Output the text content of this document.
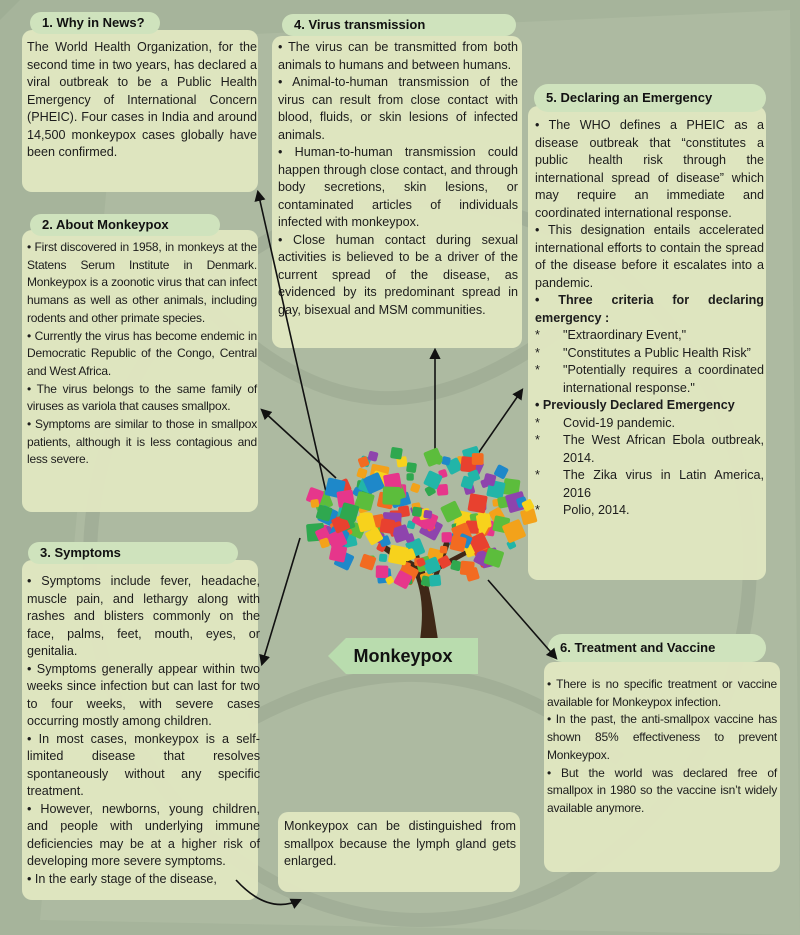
1. Why in News?

The World Health Organization, for the second time in two years, has declared a viral outbreak to be a Public Health Emergency of International Concern (PHEIC). Four cases in India and around 14,500 monkeypox cases globally have been confirmed.

2. About Monkeypox

• First discovered in 1958, in monkeys at the Statens Serum Institute in Denmark. Monkeypox is a zoonotic virus that can infect humans as well as other animals, including rodents and other primate species.

• Currently the virus has become endemic in Democratic Republic of the Congo, Central and West Africa.

• The virus belongs to the same family of viruses as variola that causes smallpox.

• Symptoms are similar to those in smallpox patients, although it is less contagious and less severe.

3. Symptoms

• Symptoms include fever, headache, muscle pain, and lethargy along with rashes and blisters commonly on the face, palms, feet, mouth, eyes, or genitalia.

• Symptoms generally appear within two weeks since infection but can last for two to four weeks, with severe cases occurring mostly among children.

• In most cases, monkeypox is a self-limited disease that resolves spontaneously without any specific treatment.

• However, newborns, young children, and people with underlying immune deficiencies may be at a higher risk of developing more severe symptoms.

• In the early stage of the disease,

Monkeypox can be distinguished from smallpox because the lymph gland gets enlarged.
4. Virus transmission

• The virus can be transmitted from both animals to humans and between humans.

• Animal-to-human transmission of the virus can result from close contact with blood, fluids, or skin lesions of infected animals.

• Human-to-human transmission could happen through close contact, and through body secretions, skin lesions, or contaminated articles of individuals infected with monkeypox.

• Close human contact during sexual activities is believed to be a driver of the current spread of the disease, as evidenced by its predominant spread in gay, bisexual and MSM communities.

5. Declaring an Emergency

• The WHO defines a PHEIC as a disease outbreak that “constitutes a public health risk through the international spread of disease” which may require an immediate and coordinated international response.

• This designation entails accelerated international efforts to contain the spread of the disease before it escalates into a pandemic.

• Three criteria for declaring emergency :

*	"Extraordinary Event,"
*	"Constitutes a Public Health Risk”
*	"Potentially requires a coordinated international response."

• Previously Declared Emergency

*	Covid-19 pandemic.
*	The West African Ebola outbreak, 2014.
*	The Zika virus in Latin America, 2016
*	Polio, 2014.
6. Treatment and Vaccine

• There is no specific treatment or vaccine available for Monkeypox infection.

• In the past, the anti-smallpox vaccine has shown 85% effectiveness to prevent Monkeypox.

• But the world was declared free of smallpox in 1980 so the vaccine isn’t widely available anymore.

Monkeypox
